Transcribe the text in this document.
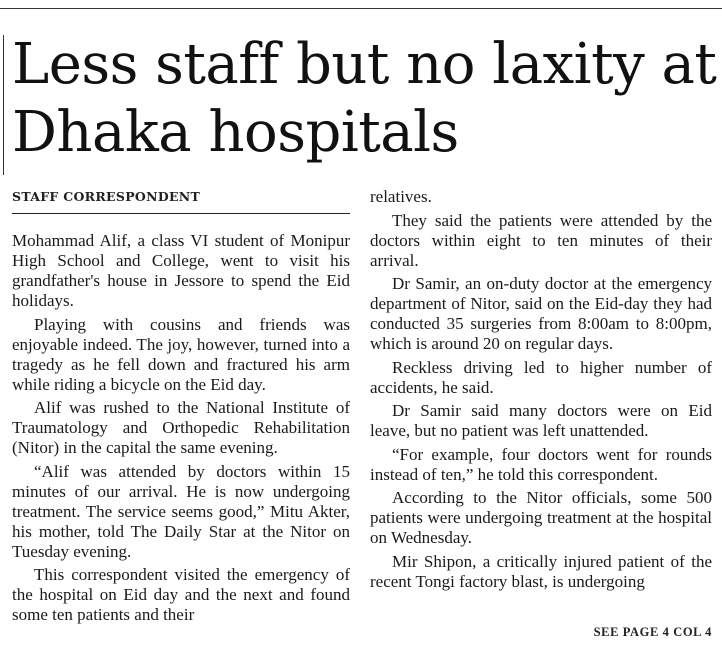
Less staff but no laxity at Dhaka hospitals
STAFF CORRESPONDENT

Mohammad Alif, a class VI student of Monipur High School and College, went to visit his grandfather's house in Jessore to spend the Eid holidays.

Playing with cousins and friends was enjoyable indeed. The joy, however, turned into a tragedy as he fell down and fractured his arm while riding a bicycle on the Eid day.

Alif was rushed to the National Institute of Traumatology and Orthopedic Rehabilitation (Nitor) in the capital the same evening.

“Alif was attended by doctors within 15 minutes of our arrival. He is now undergoing treatment. The service seems good,” Mitu Akter, his mother, told The Daily Star at the Nitor on Tuesday evening.

This correspondent visited the emergency of the hospital on Eid day and the next and found some ten patients and their

relatives.

They said the patients were attended by the doctors within eight to ten minutes of their arrival.

Dr Samir, an on-duty doctor at the emergency department of Nitor, said on the Eid-day they had conducted 35 surgeries from 8:00am to 8:00pm, which is around 20 on regular days.

Reckless driving led to higher number of accidents, he said.

Dr Samir said many doctors were on Eid leave, but no patient was left unattended.

“For example, four doctors went for rounds instead of ten,” he told this correspondent.

According to the Nitor officials, some 500 patients were undergoing treatment at the hospital on Wednesday.

Mir Shipon, a critically injured patient of the recent Tongi factory blast, is undergoing

SEE PAGE 4 COL 4
